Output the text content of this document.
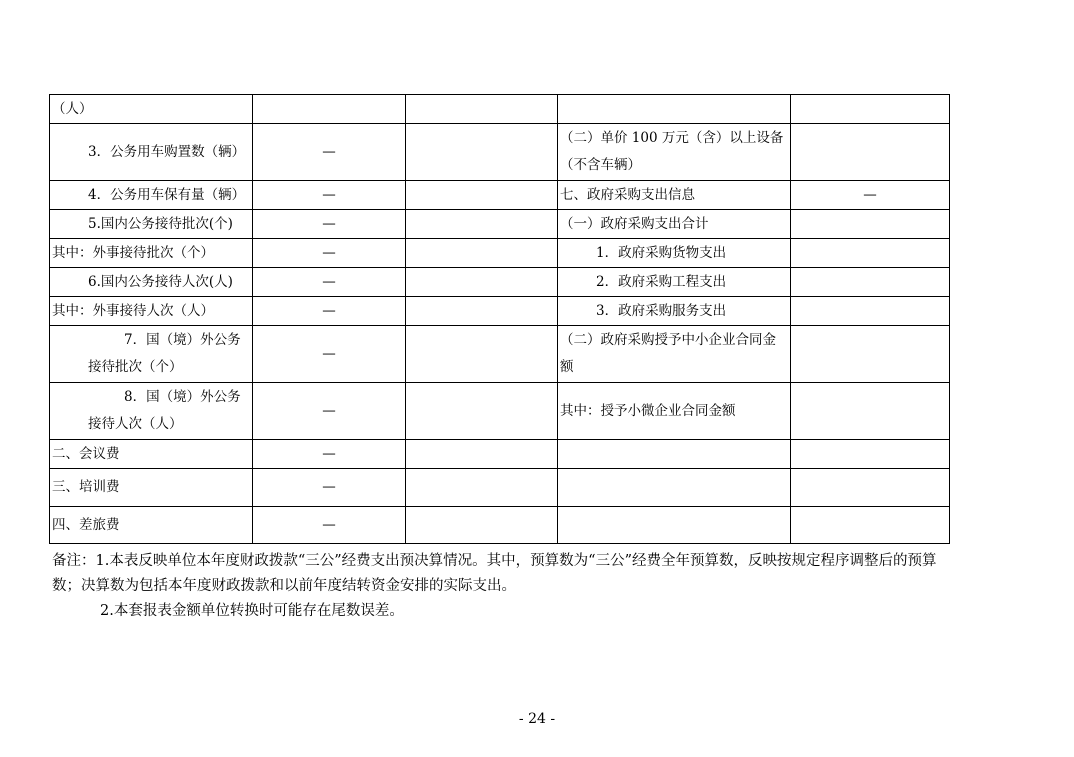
（人）				
3．公务用车购置数（辆）	—		（二）单价 100 万元（含）以上设备（不含车辆）	
4．公务用车保有量（辆）	—		七、政府采购支出信息	—
5.国内公务接待批次(个)	—		（一）政府采购支出合计	
其中：外事接待批次（个）	—		1．政府采购货物支出	
6.国内公务接待人次(人)	—		2．政府采购工程支出	
其中：外事接待人次（人）	—		3．政府采购服务支出	
7．国（境）外公务接待批次（个）	—		（二）政府采购授予中小企业合同金额	
8．国（境）外公务接待人次（人）	—		其中：授予小微企业合同金额	
二、会议费	—			
三、培训费	—			
四、差旅费	—			

备注：1.本表反映单位本年度财政拨款“三公”经费支出预决算情况。其中，预算数为“三公”经费全年预算数，反映按规定程序调整后的预算数；决算数为包括本年度财政拨款和以前年度结转资金安排的实际支出。

2.本套报表金额单位转换时可能存在尾数误差。

- 24 -
